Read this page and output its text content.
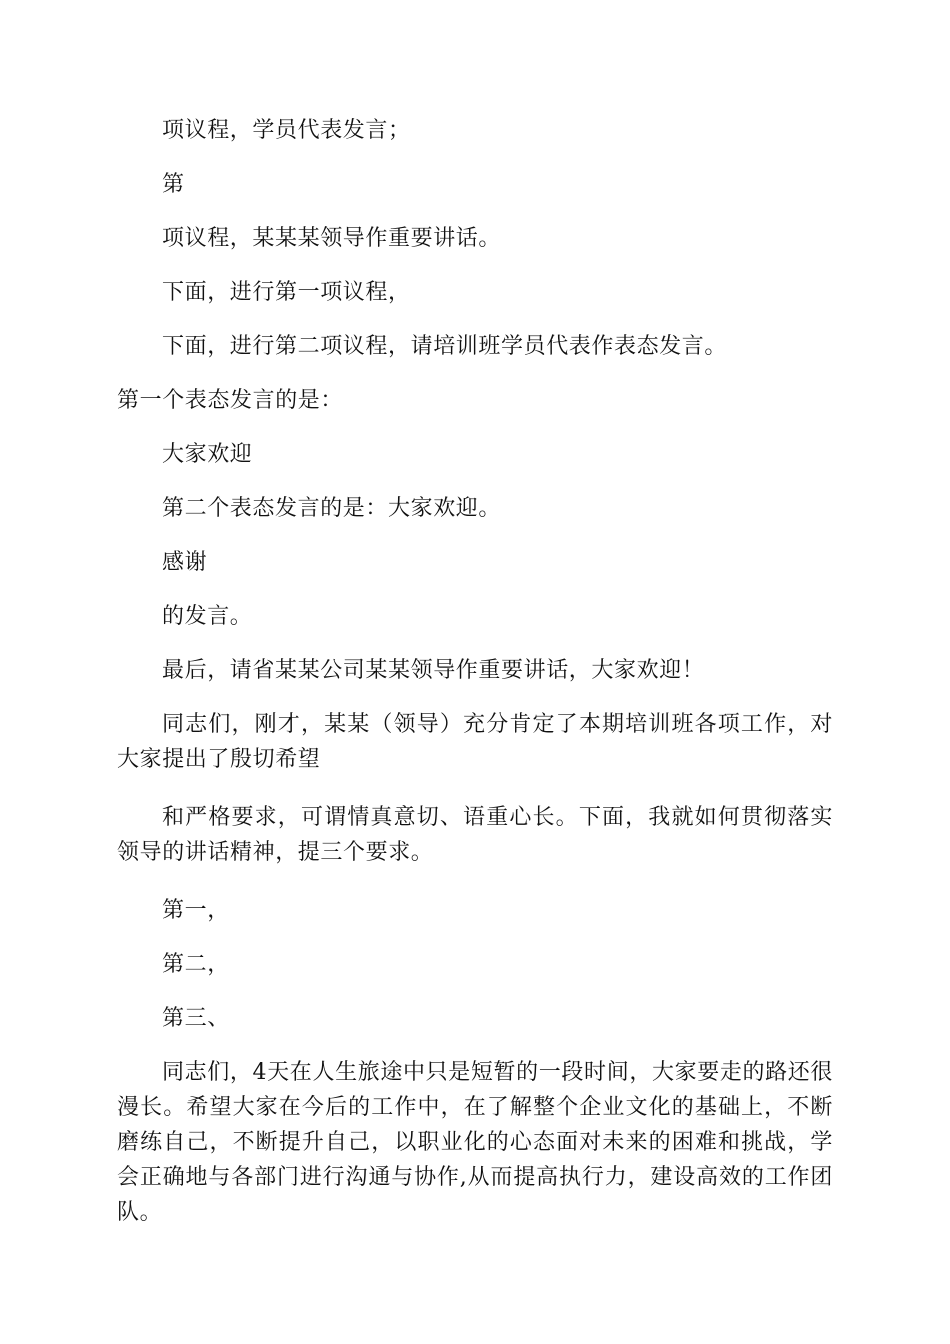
项议程，学员代表发言；

第

项议程，某某某领导作重要讲话。

下面，进行第一项议程，

下面，进行第二项议程，请培训班学员代表作表态发言。

第一个表态发言的是：

大家欢迎

第二个表态发言的是：大家欢迎。

感谢

的发言。

最后，请省某某公司某某领导作重要讲话，大家欢迎！

同志们，刚才，某某（领导）充分肯定了本期培训班各项工作，对大家提出了殷切希望

和严格要求，可谓情真意切、语重心长。下面，我就如何贯彻落实领导的讲话精神，提三个要求。

第一，

第二，

第三、

同志们，4天在人生旅途中只是短暂的一段时间，大家要走的路还很漫长。希望大家在今后的工作中，在了解整个企业文化的基础上，不断磨练自己，不断提升自己，以职业化的心态面对未来的困难和挑战，学会正确地与各部门进行沟通与协作,从而提高执行力，建设高效的工作团队。
